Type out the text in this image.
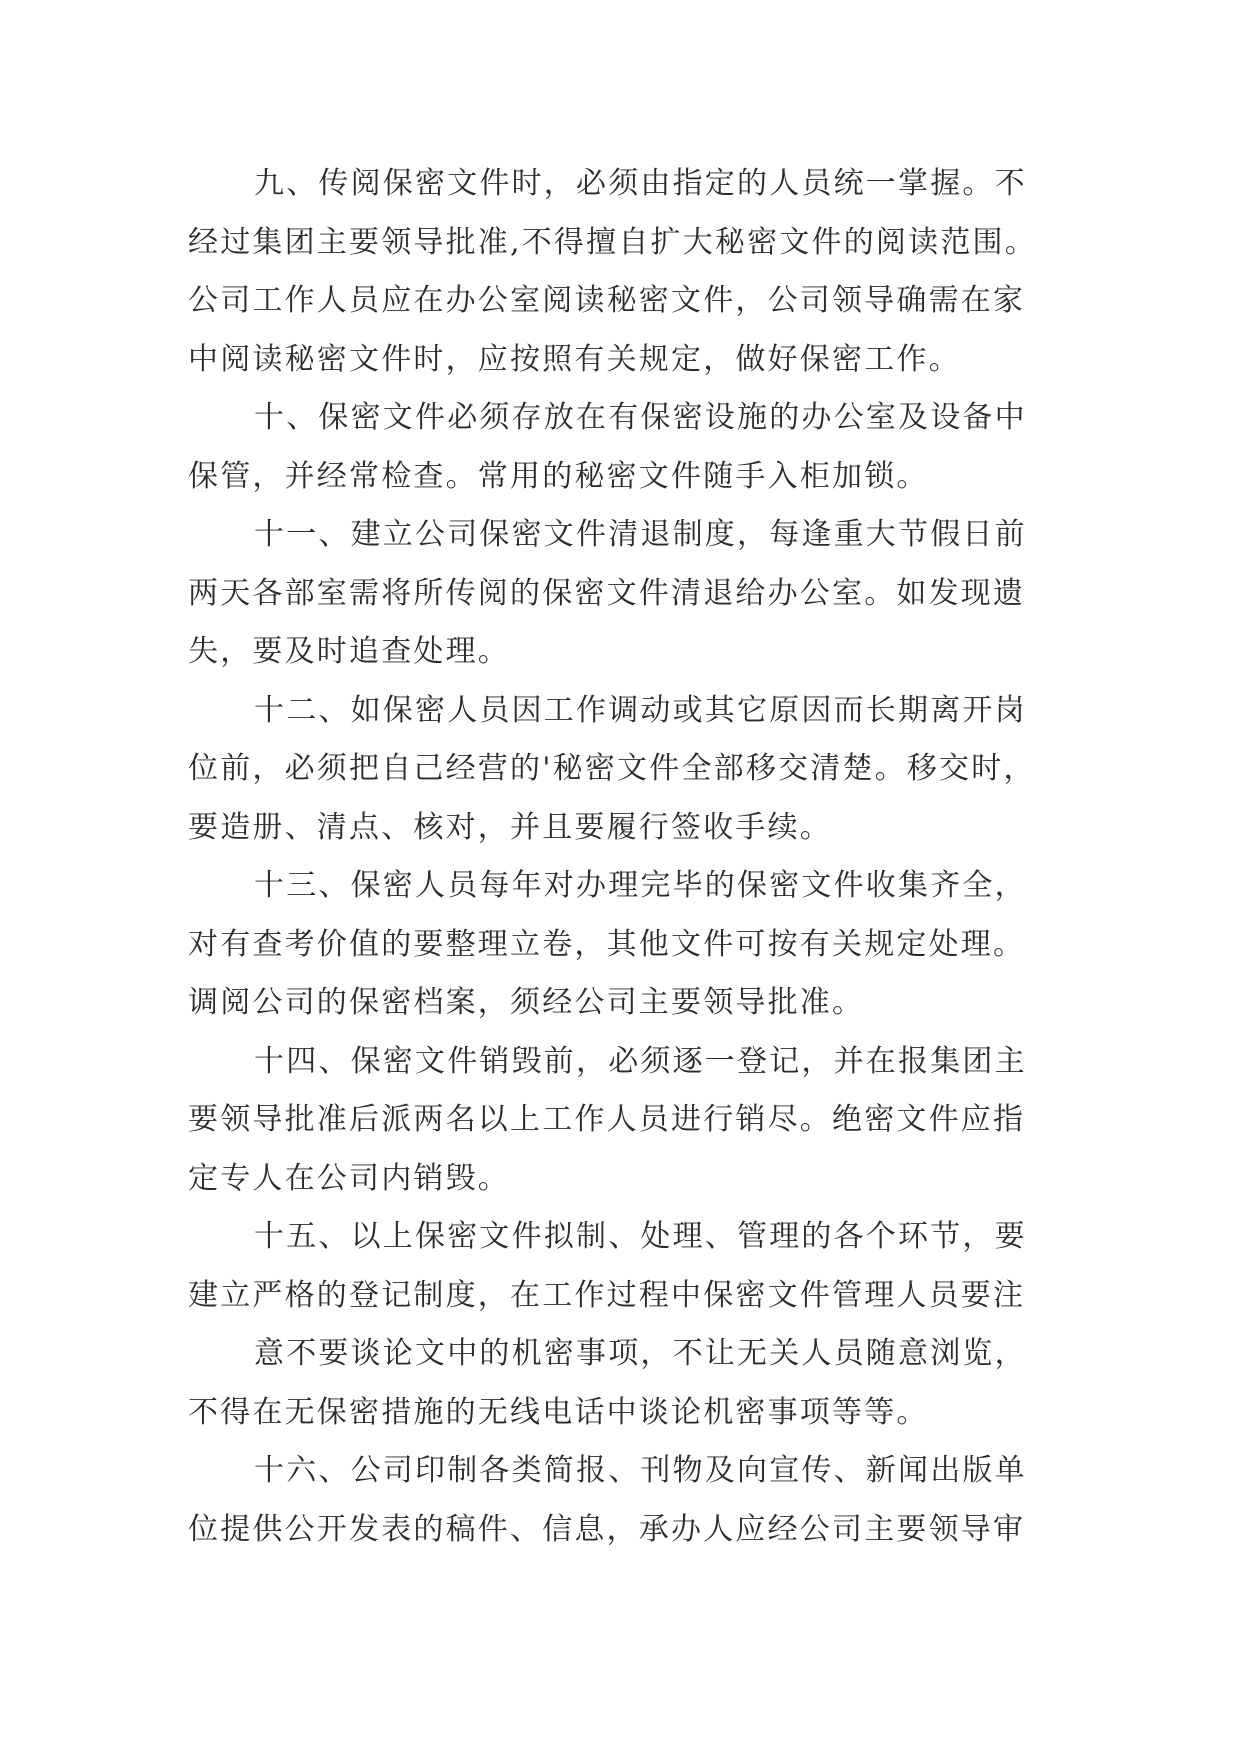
九、传阅保密文件时，必须由指定的人员统一掌握。不
经过集团主要领导批准,不得擅自扩大秘密文件的阅读范围。
公司工作人员应在办公室阅读秘密文件，公司领导确需在家
中阅读秘密文件时，应按照有关规定，做好保密工作。
十、保密文件必须存放在有保密设施的办公室及设备中
保管，并经常检查。常用的秘密文件随手入柜加锁。
十一、建立公司保密文件清退制度，每逢重大节假日前
两天各部室需将所传阅的保密文件清退给办公室。如发现遗
失，要及时追查处理。
十二、如保密人员因工作调动或其它原因而长期离开岗
位前，必须把自己经营的'秘密文件全部移交清楚。移交时，
要造册、清点、核对，并且要履行签收手续。
十三、保密人员每年对办理完毕的保密文件收集齐全，
对有查考价值的要整理立卷，其他文件可按有关规定处理。
调阅公司的保密档案，须经公司主要领导批准。
十四、保密文件销毁前，必须逐一登记，并在报集团主
要领导批准后派两名以上工作人员进行销尽。绝密文件应指
定专人在公司内销毁。
十五、以上保密文件拟制、处理、管理的各个环节，要
建立严格的登记制度，在工作过程中保密文件管理人员要注
意不要谈论文中的机密事项，不让无关人员随意浏览，
不得在无保密措施的无线电话中谈论机密事项等等。
十六、公司印制各类简报、刊物及向宣传、新闻出版单
位提供公开发表的稿件、信息，承办人应经公司主要领导审
